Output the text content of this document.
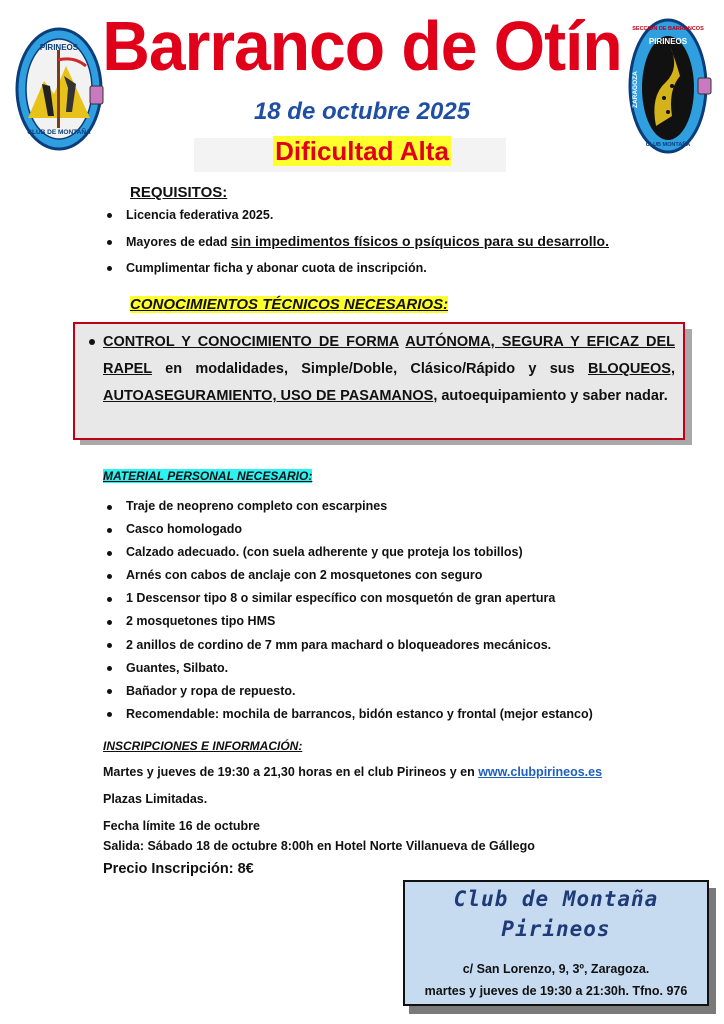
PIRINEOS
CLUB DE MONTAÑA
SECCIÓN DE BARRANCOS
PIRINEOS
ZARAGOZA
CLUB MONTAÑA
Barranco de Otín
18 de octubre 2025
Dificultad Alta
REQUISITOS:
Licencia federativa 2025.
Mayores de edad sin impedimentos físicos o psíquicos para su desarrollo.
Cumplimentar ficha y abonar cuota de inscripción.
CONOCIMIENTOS TÉCNICOS NECESARIOS:
CONTROL Y CONOCIMIENTO DE FORMA AUTÓNOMA, SEGURA Y EFICAZ DEL RAPEL en modalidades, Simple/Doble, Clásico/Rápido y sus BLOQUEOS, AUTOASEGURAMIENTO, USO DE PASAMANOS, autoequipamiento y saber nadar.
MATERIAL PERSONAL NECESARIO:
Traje de neopreno completo con escarpines
Casco homologado
Calzado adecuado. (con suela adherente y que proteja los tobillos)
Arnés con cabos de anclaje con 2 mosquetones con seguro
1 Descensor tipo 8 o similar específico con mosquetón de gran apertura
2 mosquetones tipo HMS
2 anillos de cordino de 7 mm para machard o bloqueadores mecánicos.
Guantes, Silbato.
Bañador y ropa de repuesto.
Recomendable: mochila de barrancos, bidón estanco y frontal (mejor estanco)
INSCRIPCIONES E INFORMACIÓN:
Martes y jueves de 19:30 a 21,30 horas en el club Pirineos y en www.clubpirineos.es
Plazas Limitadas.
Fecha límite 16 de octubre
Salida: Sábado 18 de octubre 8:00h en Hotel Norte Villanueva de Gállego
Precio Inscripción: 8€
Club de Montaña
Pirineos
c/ San Lorenzo, 9, 3º, Zaragoza.
martes y jueves de 19:30 a 21:30h. Tfno. 976
